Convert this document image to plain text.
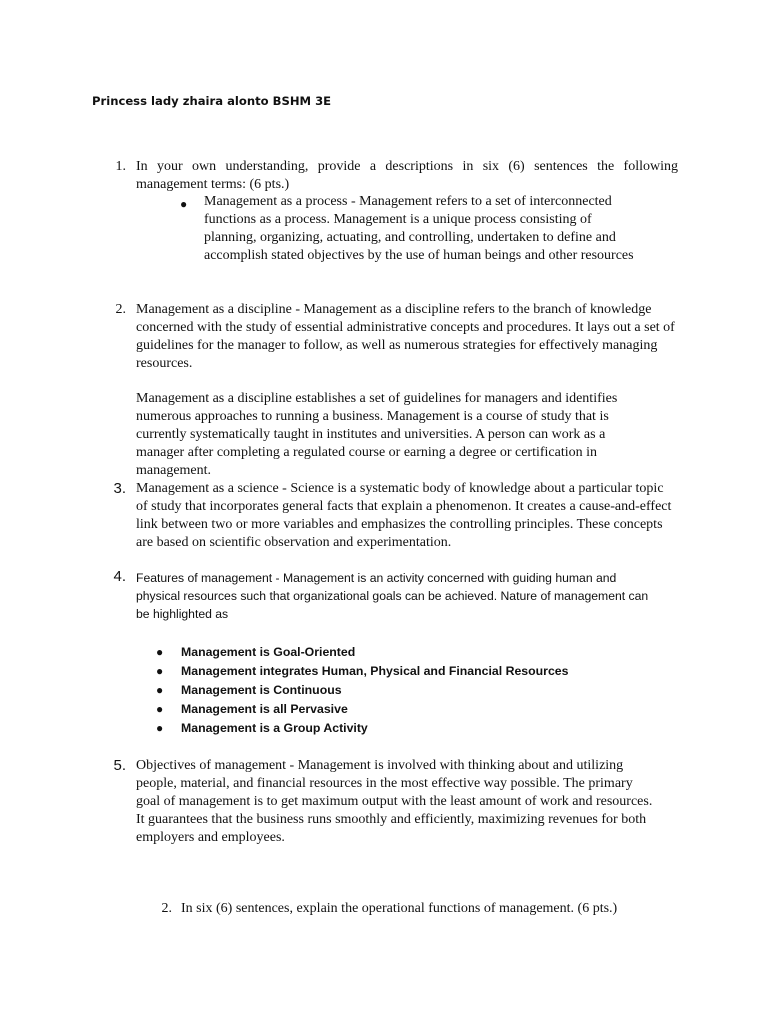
Princess lady zhaira alonto BSHM 3E
1. In your own understanding, provide a descriptions in six (6) sentences the following management terms: (6 pts.)
● Management as a process - Management refers to a set of interconnected functions as a process. Management is a unique process consisting of planning, organizing, actuating, and controlling, undertaken to define and accomplish stated objectives by the use of human beings and other resources
2. Management as a discipline - Management as a discipline refers to the branch of knowledge concerned with the study of essential administrative concepts and procedures. It lays out a set of guidelines for the manager to follow, as well as numerous strategies for effectively managing resources.
Management as a discipline establishes a set of guidelines for managers and identifies numerous approaches to running a business. Management is a course of study that is currently systematically taught in institutes and universities. A person can work as a manager after completing a regulated course or earning a degree or certification in management.
3. Management as a science - Science is a systematic body of knowledge about a particular topic of study that incorporates general facts that explain a phenomenon. It creates a cause-and-effect link between two or more variables and emphasizes the controlling principles. These concepts are based on scientific observation and experimentation.
4. Features of management - Management is an activity concerned with guiding human and physical resources such that organizational goals can be achieved. Nature of management can be highlighted as
● Management is Goal-Oriented
● Management integrates Human, Physical and Financial Resources
● Management is Continuous
● Management is all Pervasive
● Management is a Group Activity
5. Objectives of management - Management is involved with thinking about and utilizing people, material, and financial resources in the most effective way possible. The primary goal of management is to get maximum output with the least amount of work and resources. It guarantees that the business runs smoothly and efficiently, maximizing revenues for both employers and employees.
2. In six (6) sentences, explain the operational functions of management. (6 pts.)
